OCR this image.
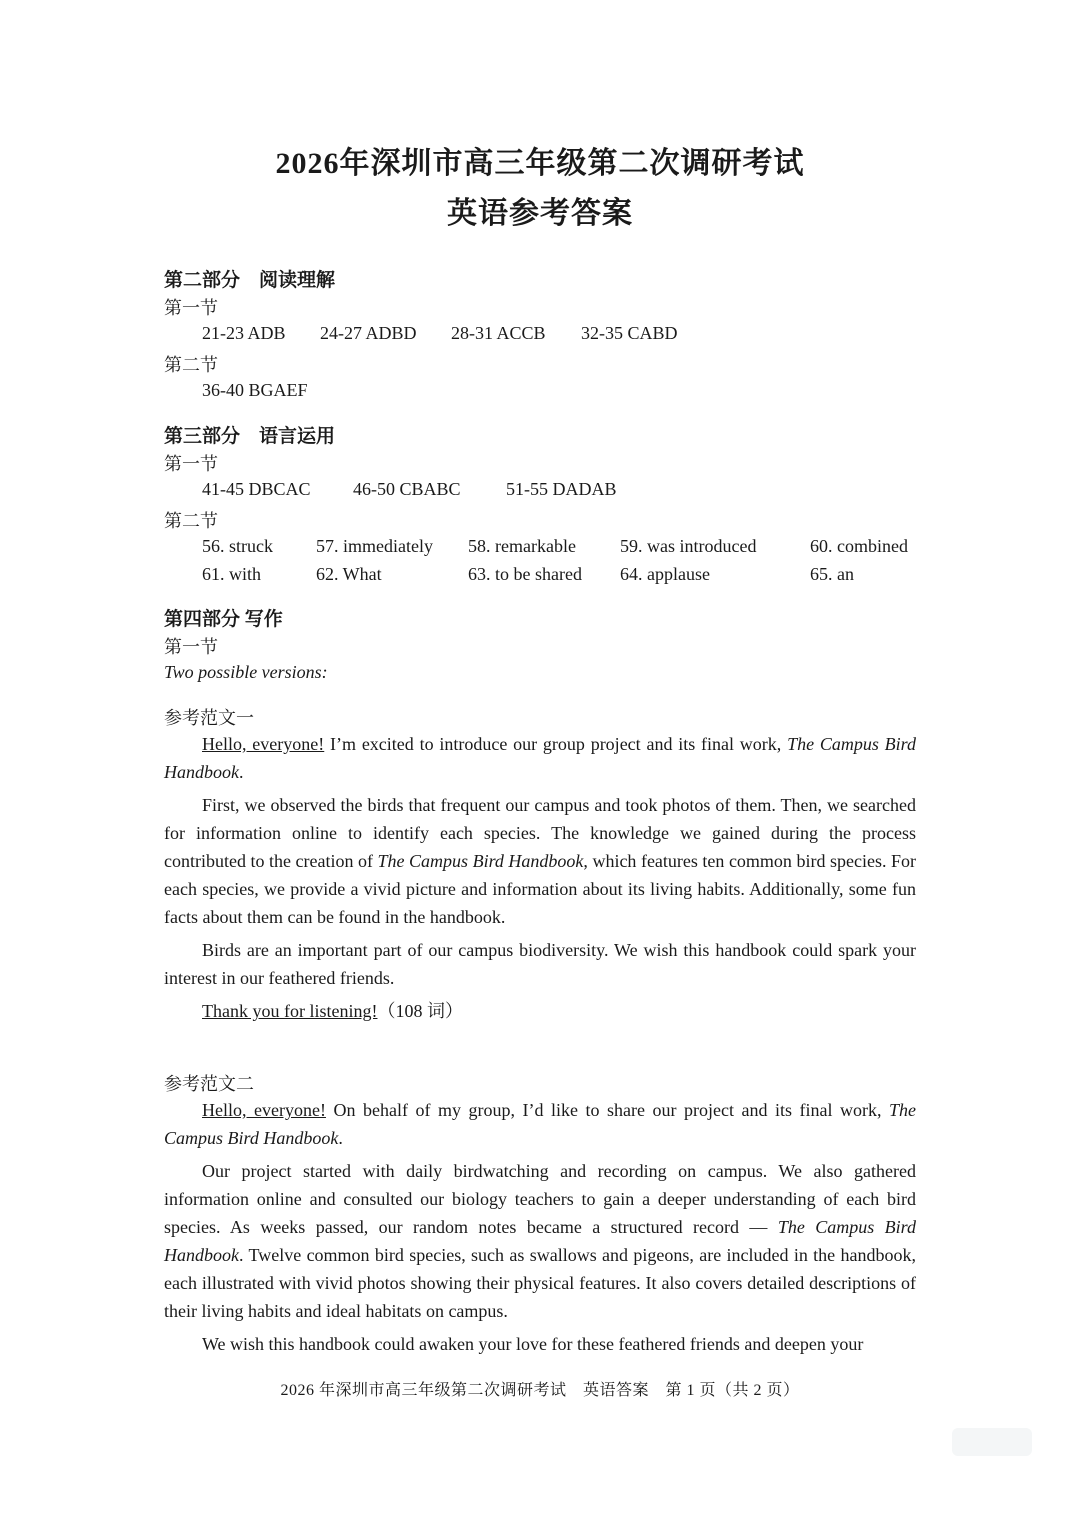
2026年深圳市高三年级第二次调研考试
英语参考答案
第二部分　阅读理解
第一节
21-23 ADB 24-27 ADBD 28-31 ACCB 32-35 CABD
第二节
36-40 BGAEF
第三部分　语言运用
第一节
41-45 DBCAC 46-50 CBABC	51-55 DADAB
第二节
56. struck 57. immediately 58. remarkable 59. was introduced	60. combined
61. with	62. What	63. to be shared 64. applause	65. an
第四部分 写作
第一节
Two possible versions:
参考范文一

Hello, everyone! I’m excited to introduce our group project and its final work, The Campus Bird Handbook.

First, we observed the birds that frequent our campus and took photos of them. Then, we searched for information online to identify each species. The knowledge we gained during the process contributed to the creation of The Campus Bird Handbook, which features ten common bird species. For each species, we provide a vivid picture and information about its living habits. Additionally, some fun facts about them can be found in the handbook.

Birds are an important part of our campus biodiversity. We wish this handbook could spark your interest in our feathered friends.

Thank you for listening!（108 词）

参考范文二

Hello, everyone! On behalf of my group, I’d like to share our project and its final work, The Campus Bird Handbook.

Our project started with daily birdwatching and recording on campus. We also gathered information online and consulted our biology teachers to gain a deeper understanding of each bird species. As weeks passed, our random notes became a structured record — The Campus Bird Handbook. Twelve common bird species, such as swallows and pigeons, are included in the handbook, each illustrated with vivid photos showing their physical features. It also covers detailed descriptions of their living habits and ideal habitats on campus.

We wish this handbook could awaken your love for these feathered friends and deepen your

2026 年深圳市高三年级第二次调研考试　英语答案　第 1 页（共 2 页）
